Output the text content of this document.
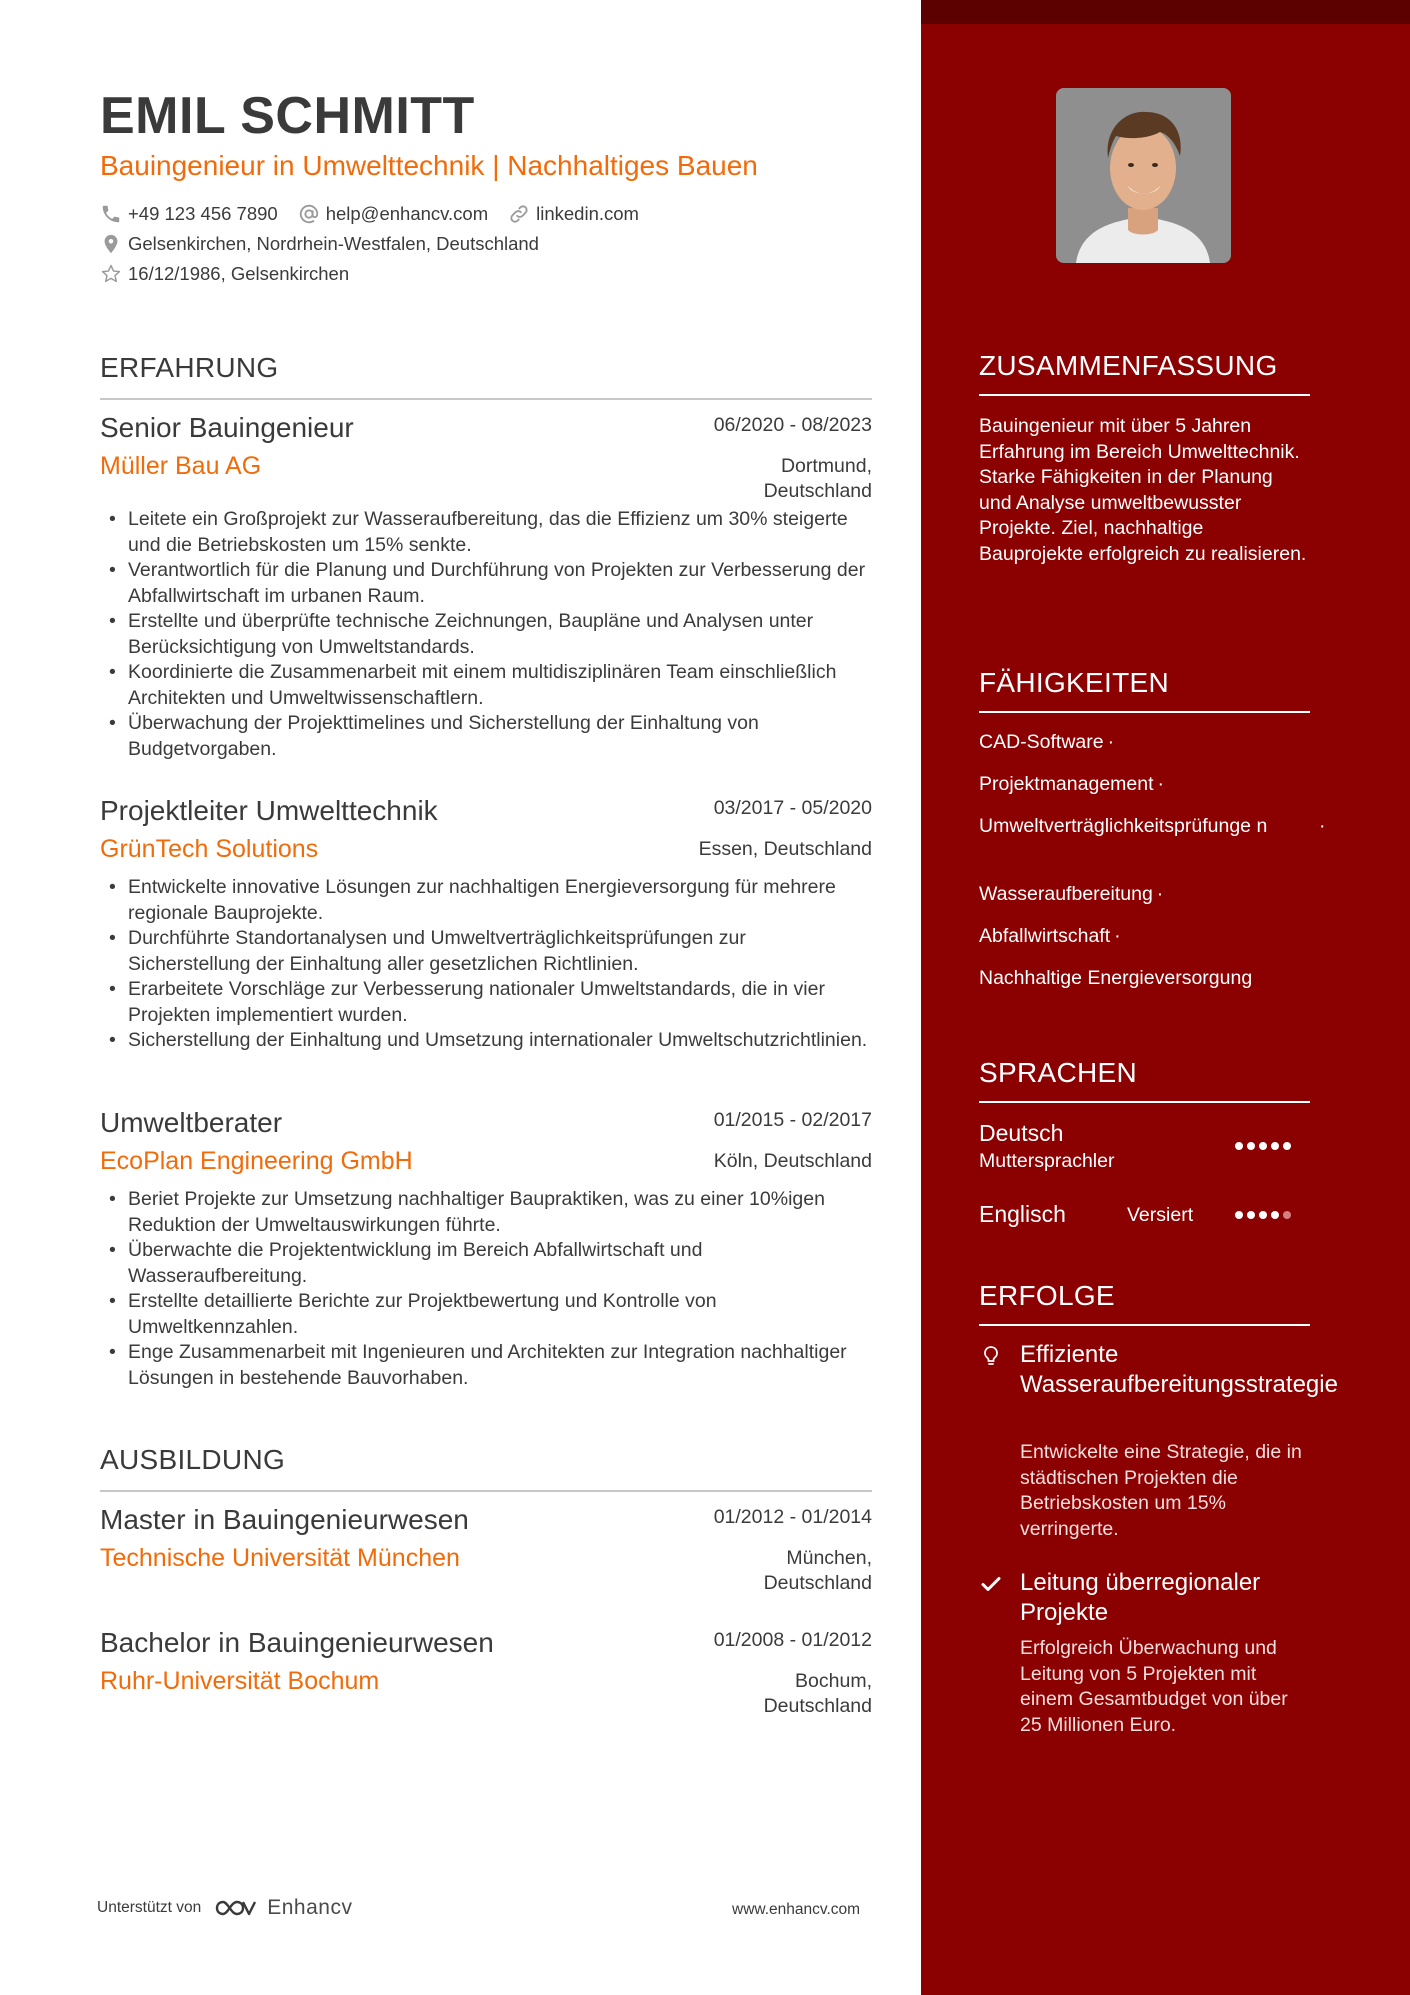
EMIL SCHMITT
Bauingenieur in Umwelttechnik | Nachhaltiges Bauen
+49 123 456 7890	help@enhancv.com	linkedin.com
Gelsenkirchen, Nordrhein-Westfalen, Deutschland
16/12/1986, Gelsenkirchen
ERFAHRUNG
Senior Bauingenieur	06/2020 - 08/2023
Müller Bau AG	Dortmund, Deutschland
• Leitete ein Großprojekt zur Wasseraufbereitung, das die Effizienz um 30% steigerte und die Betriebskosten um 15% senkte.
• Verantwortlich für die Planung und Durchführung von Projekten zur Verbesserung der Abfallwirtschaft im urbanen Raum.
• Erstellte und überprüfte technische Zeichnungen, Baupläne und Analysen unter Berücksichtigung von Umweltstandards.
• Koordinierte die Zusammenarbeit mit einem multidisziplinären Team einschließlich Architekten und Umweltwissenschaftlern.
• Überwachung der Projekttimelines und Sicherstellung der Einhaltung von Budgetvorgaben.
Projektleiter Umwelttechnik	03/2017 - 05/2020
GrünTech Solutions	Essen, Deutschland
• Entwickelte innovative Lösungen zur nachhaltigen Energieversorgung für mehrere regionale Bauprojekte.
• Durchführte Standortanalysen und Umweltverträglichkeitsprüfungen zur Sicherstellung der Einhaltung aller gesetzlichen Richtlinien.
• Erarbeitete Vorschläge zur Verbesserung nationaler Umweltstandards, die in vier Projekten implementiert wurden.
• Sicherstellung der Einhaltung und Umsetzung internationaler Umweltschutzrichtlinien.
Umweltberater	01/2015 - 02/2017
EcoPlan Engineering GmbH	Köln, Deutschland
• Beriet Projekte zur Umsetzung nachhaltiger Baupraktiken, was zu einer 10%igen Reduktion der Umweltauswirkungen führte.
• Überwachte die Projektentwicklung im Bereich Abfallwirtschaft und Wasseraufbereitung.
• Erstellte detaillierte Berichte zur Projektbewertung und Kontrolle von Umweltkennzahlen.
• Enge Zusammenarbeit mit Ingenieuren und Architekten zur Integration nachhaltiger Lösungen in bestehende Bauvorhaben.
AUSBILDUNG
Master in Bauingenieurwesen	01/2012 - 01/2014
Technische Universität München	München, Deutschland
Bachelor in Bauingenieurwesen	01/2008 - 01/2012
Ruhr-Universität Bochum	Bochum, Deutschland
Unterstützt von	Enhancv	www.enhancv.com
ZUSAMMENFASSUNG
Bauingenieur mit über 5 Jahren Erfahrung im Bereich Umwelttechnik. Starke Fähigkeiten in der Planung und Analyse umweltbewusster Projekte. Ziel, nachhaltige Bauprojekte erfolgreich zu realisieren.
FÄHIGKEITEN
CAD-Software ·
Projektmanagement ·
Umweltverträglichkeitsprüfunge n	·
Wasseraufbereitung ·
Abfallwirtschaft ·
Nachhaltige Energieversorgung
SPRACHEN
Deutsch
Muttersprachler
Englisch	Versiert
ERFOLGE
Effiziente Wasseraufbereitungsstrategie
Entwickelte eine Strategie, die in städtischen Projekten die Betriebskosten um 15% verringerte.
Leitung überregionaler Projekte
Erfolgreich Überwachung und Leitung von 5 Projekten mit einem Gesamtbudget von über 25 Millionen Euro.
